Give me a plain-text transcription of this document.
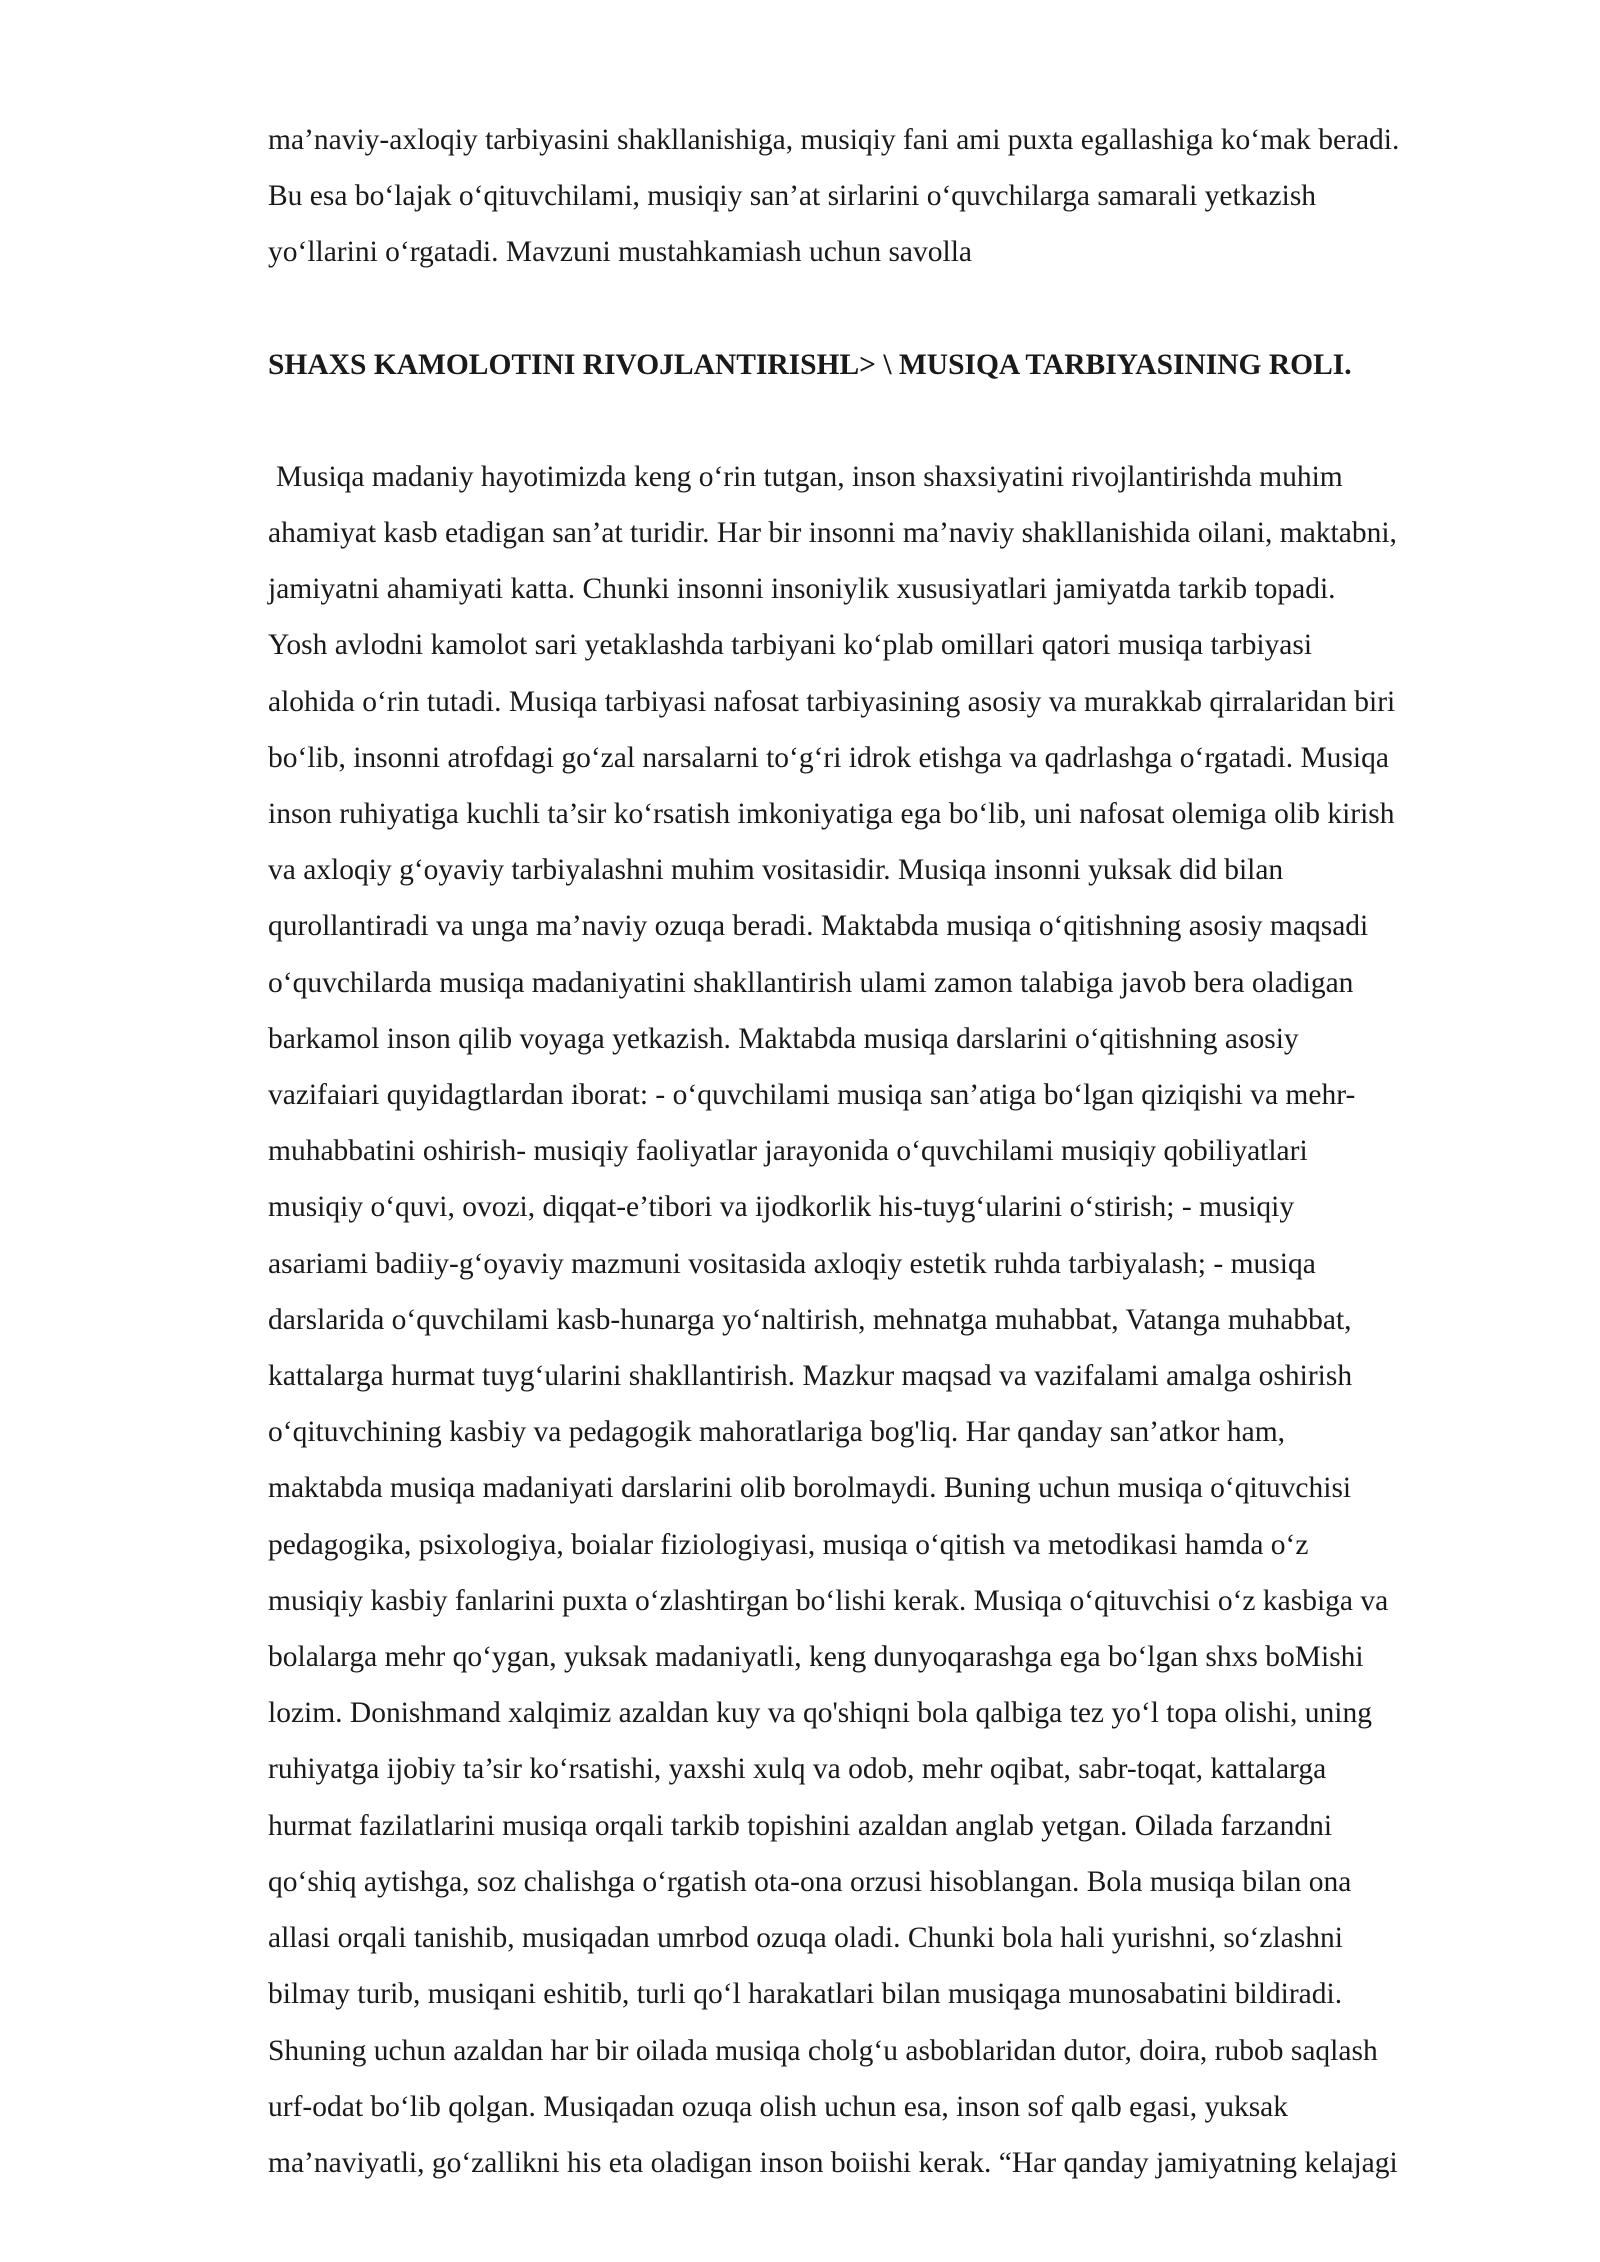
ma’naviy-axloqiy tarbiyasini shakllanishiga, musiqiy fani ami puxta egallashiga ko‘mak beradi.
Bu esa bo‘lajak o‘qituvchilami, musiqiy san’at sirlarini o‘quvchilarga samarali yetkazish
yo‘llarini o‘rgatadi. Mavzuni mustahkamiash uchun savolla
SHAXS KAMOLOTINI RIVOJLANTIRISHL> \ MUSIQA TARBIYASINING ROLI.
Musiqa madaniy hayotimizda keng o‘rin tutgan, inson shaxsiyatini rivojlantirishda muhim
ahamiyat kasb etadigan san’at turidir. Har bir insonni ma’naviy shakllanishida oilani, maktabni,
jamiyatni ahamiyati katta. Chunki insonni insoniylik xususiyatlari jamiyatda tarkib topadi.
Yosh avlodni kamolot sari yetaklashda tarbiyani ko‘plab omillari qatori musiqa tarbiyasi
alohida o‘rin tutadi. Musiqa tarbiyasi nafosat tarbiyasining asosiy va murakkab qirralaridan biri
bo‘lib, insonni atrofdagi go‘zal narsalarni to‘g‘ri idrok etishga va qadrlashga o‘rgatadi. Musiqa
inson ruhiyatiga kuchli ta’sir ko‘rsatish imkoniyatiga ega bo‘lib, uni nafosat olemiga olib kirish
va axloqiy g‘oyaviy tarbiyalashni muhim vositasidir. Musiqa insonni yuksak did bilan
qurollantiradi va unga ma’naviy ozuqa beradi. Maktabda musiqa o‘qitishning asosiy maqsadi
o‘quvchilarda musiqa madaniyatini shakllantirish ulami zamon talabiga javob bera oladigan
barkamol inson qilib voyaga yetkazish. Maktabda musiqa darslarini o‘qitishning asosiy
vazifaiari quyidagtlardan iborat: - o‘quvchilami musiqa san’atiga bo‘lgan qiziqishi va mehr-
muhabbatini oshirish- musiqiy faoliyatlar jarayonida o‘quvchilami musiqiy qobiliyatlari
musiqiy o‘quvi, ovozi, diqqat-e’tibori va ijodkorlik his-tuyg‘ularini o‘stirish; - musiqiy
asariami badiiy-g‘oyaviy mazmuni vositasida axloqiy estetik ruhda tarbiyalash; - musiqa
darslarida o‘quvchilami kasb-hunarga yo‘naltirish, mehnatga muhabbat, Vatanga muhabbat,
kattalarga hurmat tuyg‘ularini shakllantirish. Mazkur maqsad va vazifalami amalga oshirish
o‘qituvchining kasbiy va pedagogik mahoratlariga bog'liq. Har qanday san’atkor ham,
maktabda musiqa madaniyati darslarini olib borolmaydi. Buning uchun musiqa o‘qituvchisi
pedagogika, psixologiya, boialar fiziologiyasi, musiqa o‘qitish va metodikasi hamda o‘z
musiqiy kasbiy fanlarini puxta o‘zlashtirgan bo‘lishi kerak. Musiqa o‘qituvchisi o‘z kasbiga va
bolalarga mehr qo‘ygan, yuksak madaniyatli, keng dunyoqarashga ega bo‘lgan shxs boMishi
lozim. Donishmand xalqimiz azaldan kuy va qo'shiqni bola qalbiga tez yo‘l topa olishi, uning
ruhiyatga ijobiy ta’sir ko‘rsatishi, yaxshi xulq va odob, mehr oqibat, sabr-toqat, kattalarga
hurmat fazilatlarini musiqa orqali tarkib topishini azaldan anglab yetgan. Oilada farzandni
qo‘shiq aytishga, soz chalishga o‘rgatish ota-ona orzusi hisoblangan. Bola musiqa bilan ona
allasi orqali tanishib, musiqadan umrbod ozuqa oladi. Chunki bola hali yurishni, so‘zlashni
bilmay turib, musiqani eshitib, turli qo‘l harakatlari bilan musiqaga munosabatini bildiradi.
Shuning uchun azaldan har bir oilada musiqa cholg‘u asboblaridan dutor, doira, rubob saqlash
urf-odat bo‘lib qolgan. Musiqadan ozuqa olish uchun esa, inson sof qalb egasi, yuksak
ma’naviyatli, go‘zallikni his eta oladigan inson boiishi kerak. “Har qanday jamiyatning kelajagi
